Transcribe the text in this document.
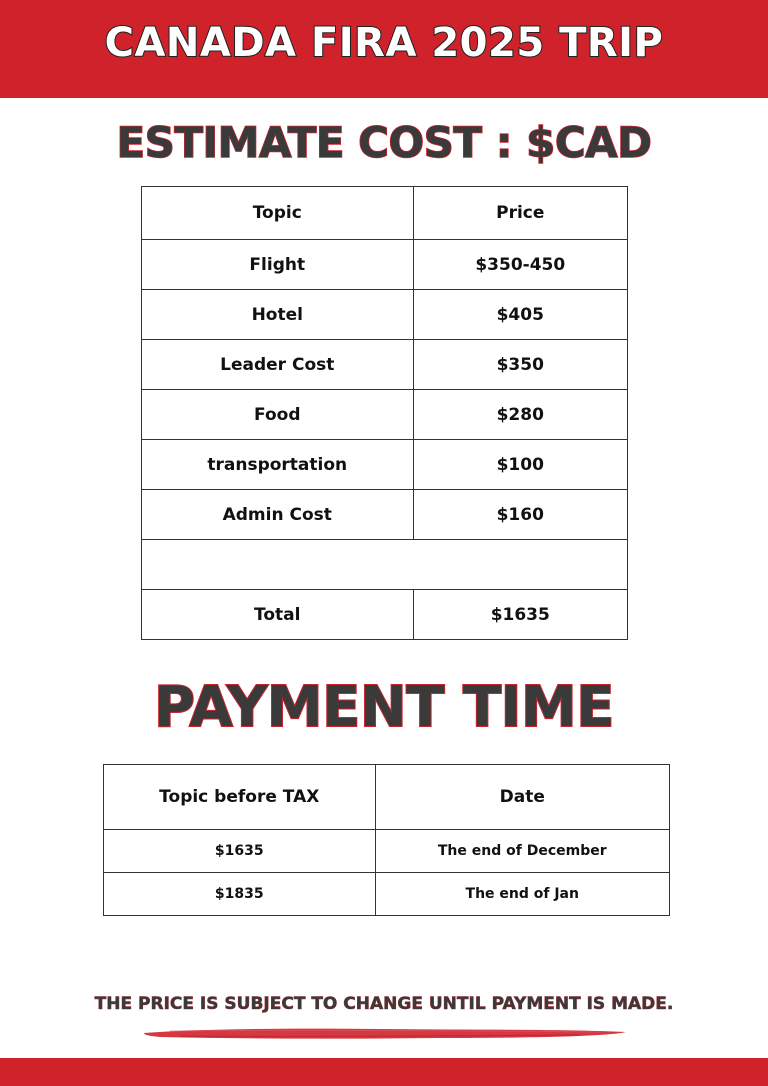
CANADA FIRA 2025 TRIP
ESTIMATE COST : $CAD
Topic	Price
Flight	$350-450
Hotel	$405
Leader Cost	$350
Food	$280
transportation	$100
Admin Cost	$160

Total	$1635
PAYMENT TIME
Topic before TAX	Date
$1635	The end of December
$1835	The end of Jan
THE PRICE IS SUBJECT TO CHANGE UNTIL PAYMENT IS MADE.
